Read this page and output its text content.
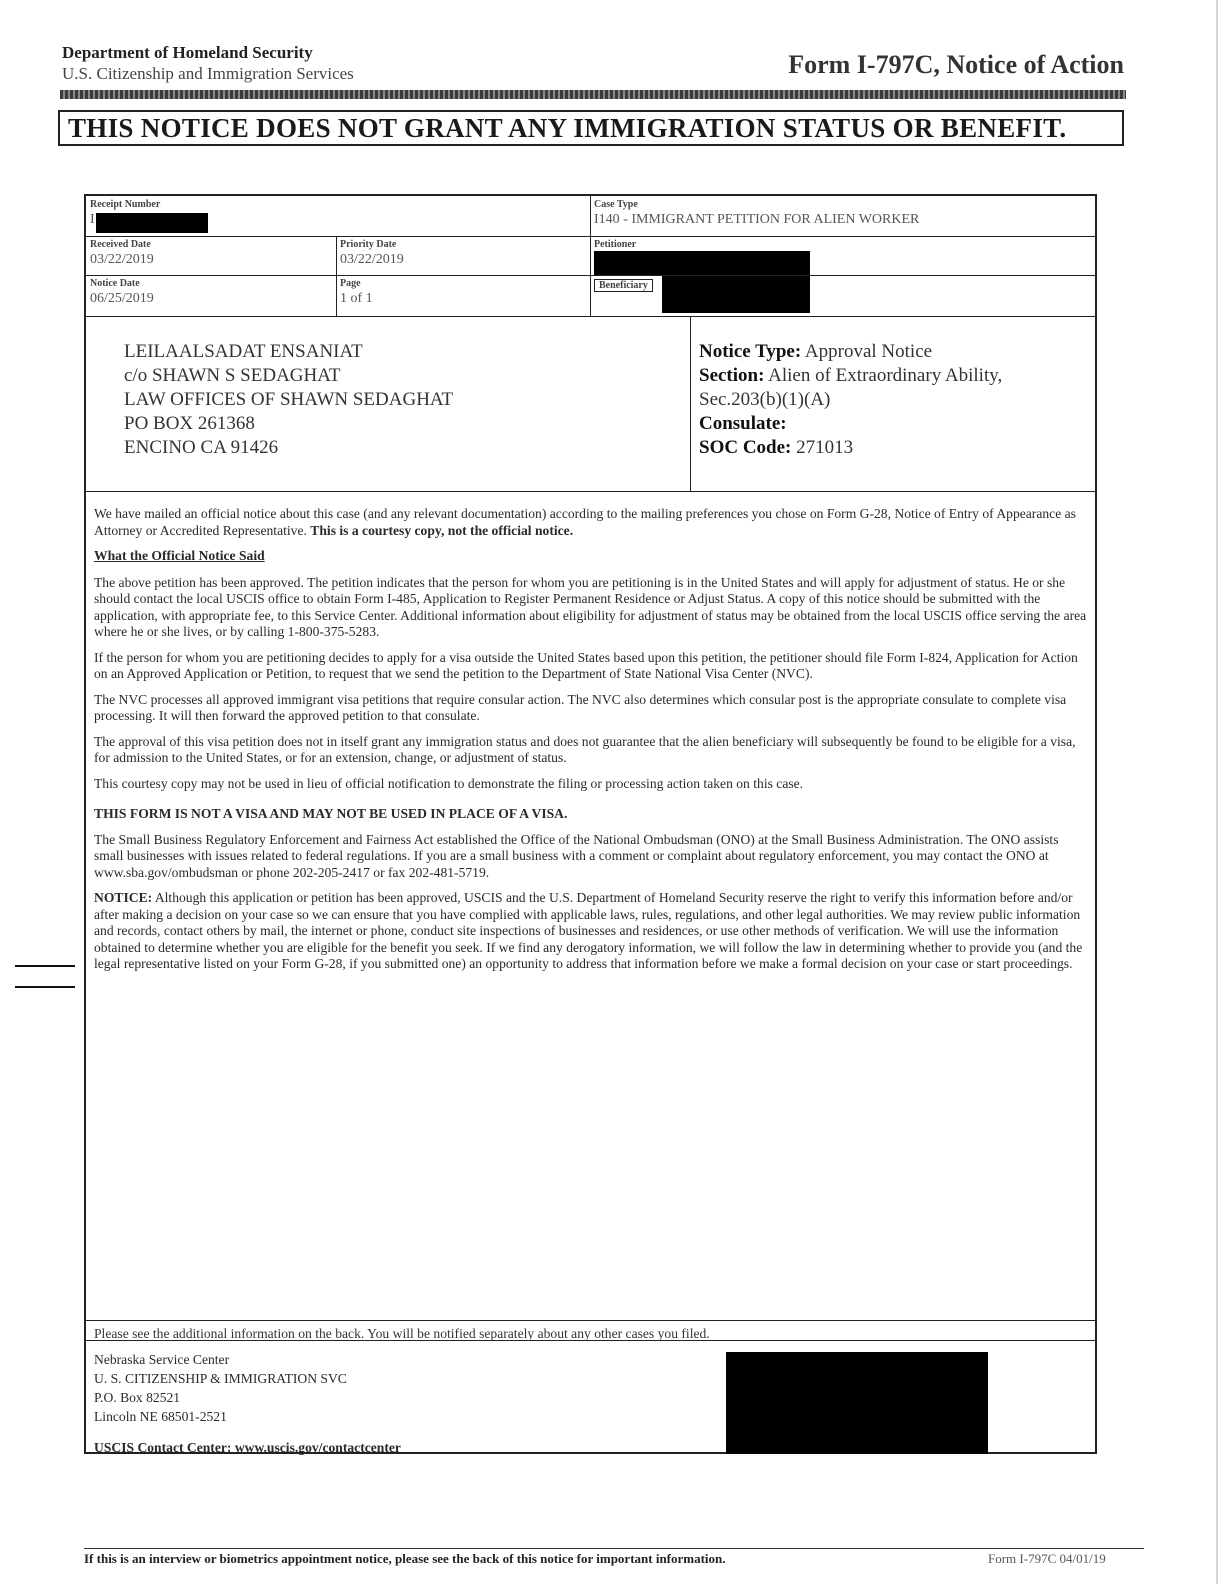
Department of Homeland Security
U.S. Citizenship and Immigration Services	Form I-797C, Notice of Action
THIS NOTICE DOES NOT GRANT ANY IMMIGRATION STATUS OR BENEFIT.
Receipt Number
I
Case Type
I140 - IMMIGRANT PETITION FOR ALIEN WORKER
Received Date
03/22/2019
Priority Date
03/22/2019
Petitioner
Notice Date
06/25/2019
Page
1 of 1
Beneficiary
LEILAALSADAT ENSANIAT
c/o SHAWN S SEDAGHAT
LAW OFFICES OF SHAWN SEDAGHAT
PO BOX 261368
ENCINO CA 91426
Notice Type: Approval Notice
Section: Alien of Extraordinary Ability,
Sec.203(b)(1)(A)
Consulate:
SOC Code: 271013

We have mailed an official notice about this case (and any relevant documentation) according to the mailing preferences you chose on Form G-28, Notice of Entry of Appearance as Attorney or Accredited Representative. This is a courtesy copy, not the official notice.

What the Official Notice Said

The above petition has been approved. The petition indicates that the person for whom you are petitioning is in the United States and will apply for adjustment of status. He or she should contact the local USCIS office to obtain Form I-485, Application to Register Permanent Residence or Adjust Status. A copy of this notice should be submitted with the application, with appropriate fee, to this Service Center. Additional information about eligibility for adjustment of status may be obtained from the local USCIS office serving the area where he or she lives, or by calling 1-800-375-5283.

If the person for whom you are petitioning decides to apply for a visa outside the United States based upon this petition, the petitioner should file Form I-824, Application for Action on an Approved Application or Petition, to request that we send the petition to the Department of State National Visa Center (NVC).

The NVC processes all approved immigrant visa petitions that require consular action. The NVC also determines which consular post is the appropriate consulate to complete visa processing. It will then forward the approved petition to that consulate.

The approval of this visa petition does not in itself grant any immigration status and does not guarantee that the alien beneficiary will subsequently be found to be eligible for a visa, for admission to the United States, or for an extension, change, or adjustment of status.

This courtesy copy may not be used in lieu of official notification to demonstrate the filing or processing action taken on this case.

THIS FORM IS NOT A VISA AND MAY NOT BE USED IN PLACE OF A VISA.

The Small Business Regulatory Enforcement and Fairness Act established the Office of the National Ombudsman (ONO) at the Small Business Administration. The ONO assists small businesses with issues related to federal regulations. If you are a small business with a comment or complaint about regulatory enforcement, you may contact the ONO at www.sba.gov/ombudsman or phone 202-205-2417 or fax 202-481-5719.

NOTICE: Although this application or petition has been approved, USCIS and the U.S. Department of Homeland Security reserve the right to verify this information before and/or after making a decision on your case so we can ensure that you have complied with applicable laws, rules, regulations, and other legal authorities. We may review public information and records, contact others by mail, the internet or phone, conduct site inspections of businesses and residences, or use other methods of verification. We will use the information obtained to determine whether you are eligible for the benefit you seek. If we find any derogatory information, we will follow the law in determining whether to provide you (and the legal representative listed on your Form G-28, if you submitted one) an opportunity to address that information before we make a formal decision on your case or start proceedings.

Please see the additional information on the back. You will be notified separately about any other cases you filed.
Nebraska Service Center
U. S. CITIZENSHIP & IMMIGRATION SVC
P.O. Box 82521
Lincoln NE 68501-2521
USCIS Contact Center: www.uscis.gov/contactcenter
If this is an interview or biometrics appointment notice, please see the back of this notice for important information.	Form I-797C 04/01/19
